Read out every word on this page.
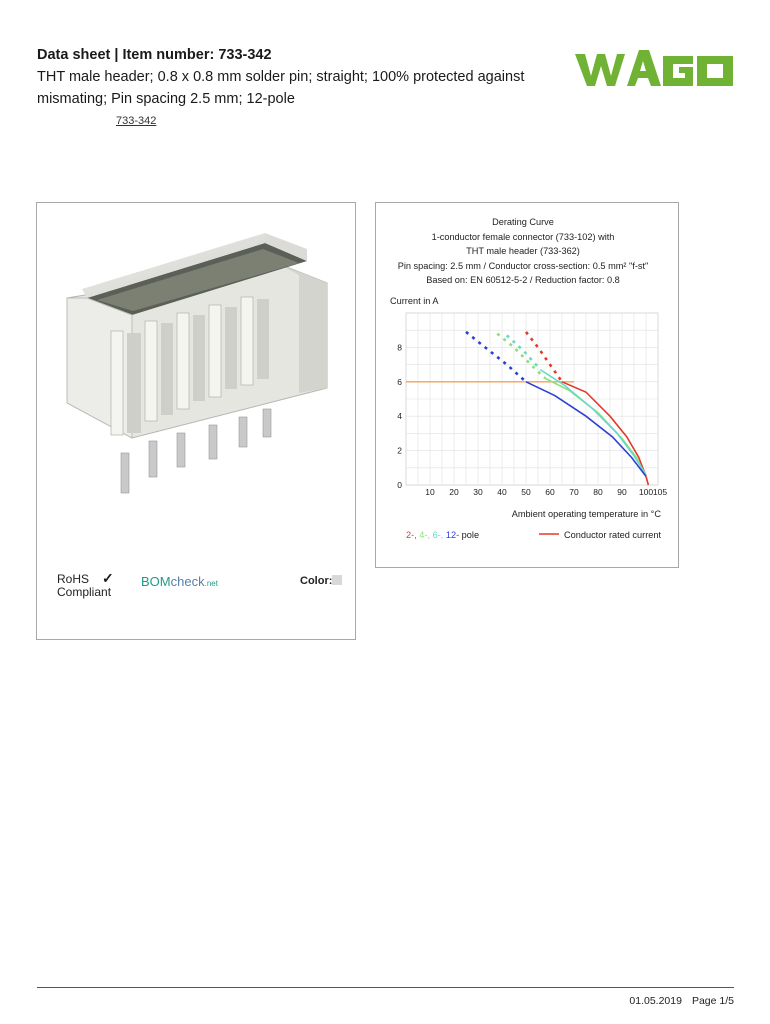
Data sheet | Item number: 733-342
THT male header; 0.8 x 0.8 mm solder pin; straight; 100% protected against mismating; Pin spacing 2.5 mm; 12-pole
733-342
RoHS
Compliant
✓ BOMcheck.net	Color:
Derating Curve
1-conductor female connector (733-102) with
THT male header (733-362)
Pin spacing: 2.5 mm / Conductor cross-section: 0.5 mm² "f-st"
Based on: EN 60512-5-2 / Reduction factor: 0.8
Current in A
0
2
4
6
8
10 20 30 40 50 60 70 80 90 100 105
Ambient operating temperature in °C
2-, 4-, 6-, 12- pole	Conductor rated current
01.05.2019 Page 1/5
